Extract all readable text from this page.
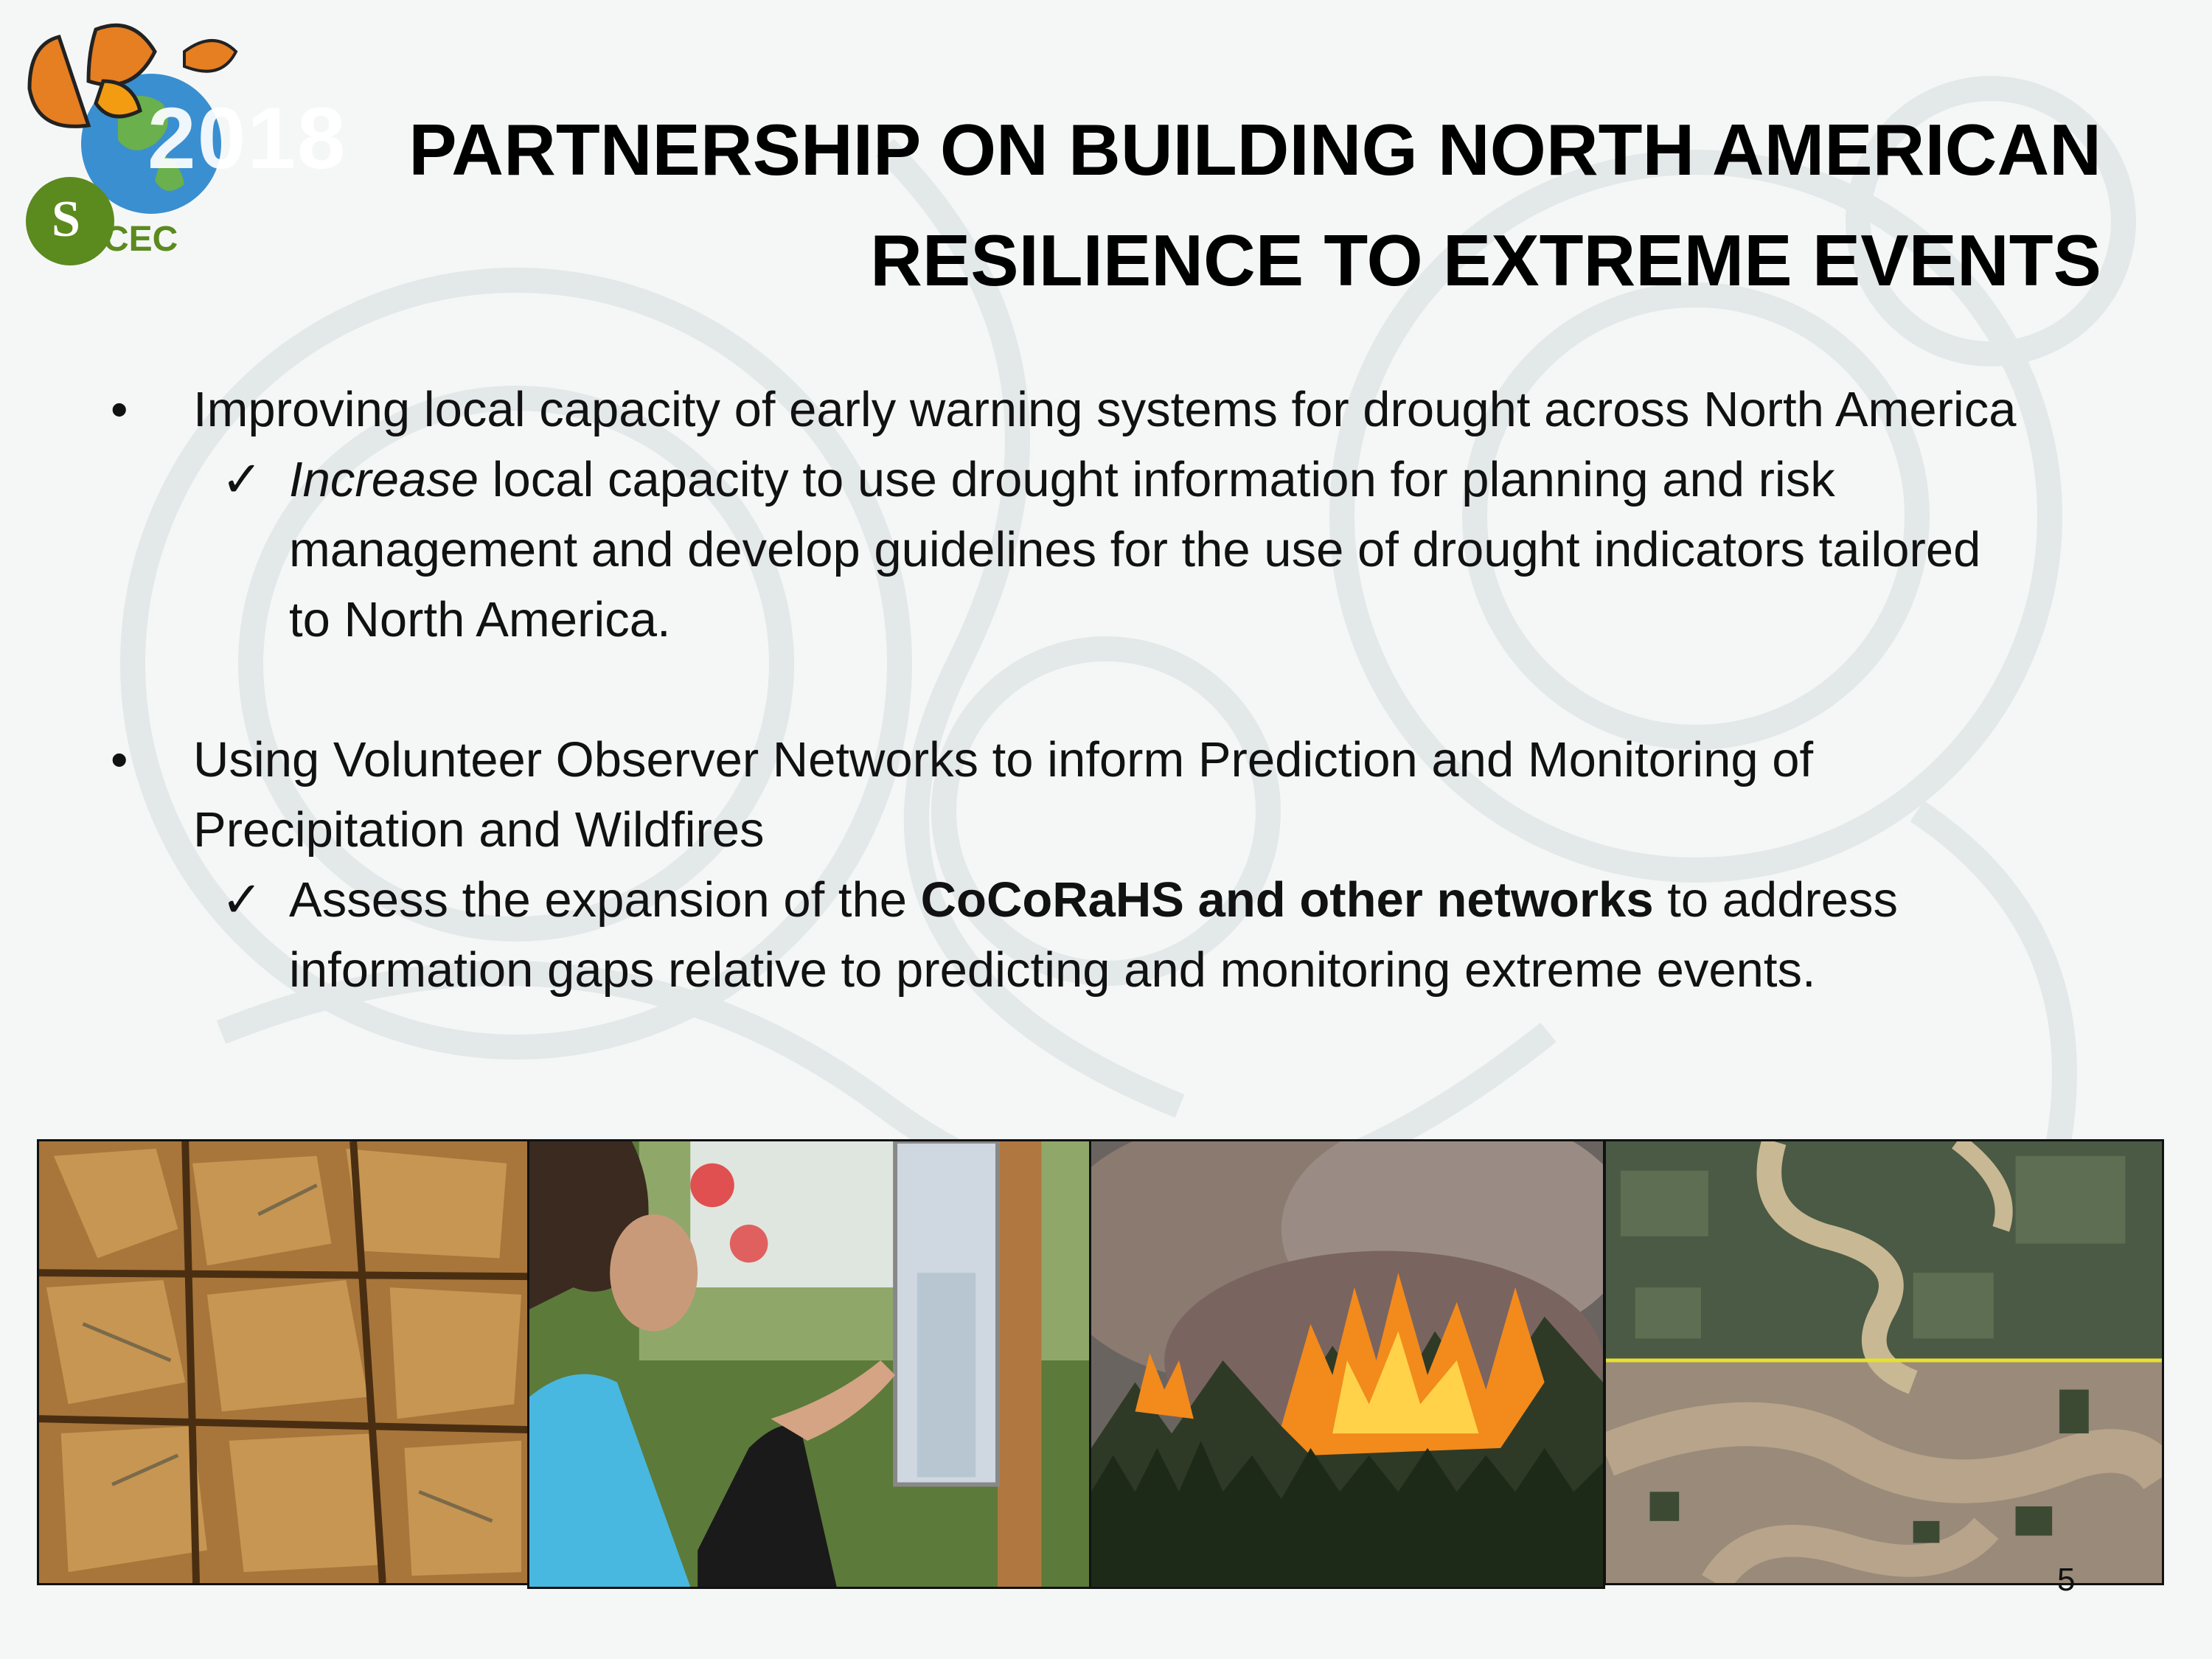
S CEC
2018 PARTNERSHIP ON BUILDING NORTH AMERICAN
RESILIENCE TO EXTREME EVENTS
• Improving local capacity of early warning systems for drought across North America
✓ Increase local capacity to use drought information for planning and risk management and develop guidelines for the use of drought indicators tailored to North America.
• Using Volunteer Observer Networks to inform Prediction and Monitoring of Precipitation and Wildfires
✓ Assess the expansion of the CoCoRaHS and other networks to address information gaps relative to predicting and monitoring extreme events.
5
